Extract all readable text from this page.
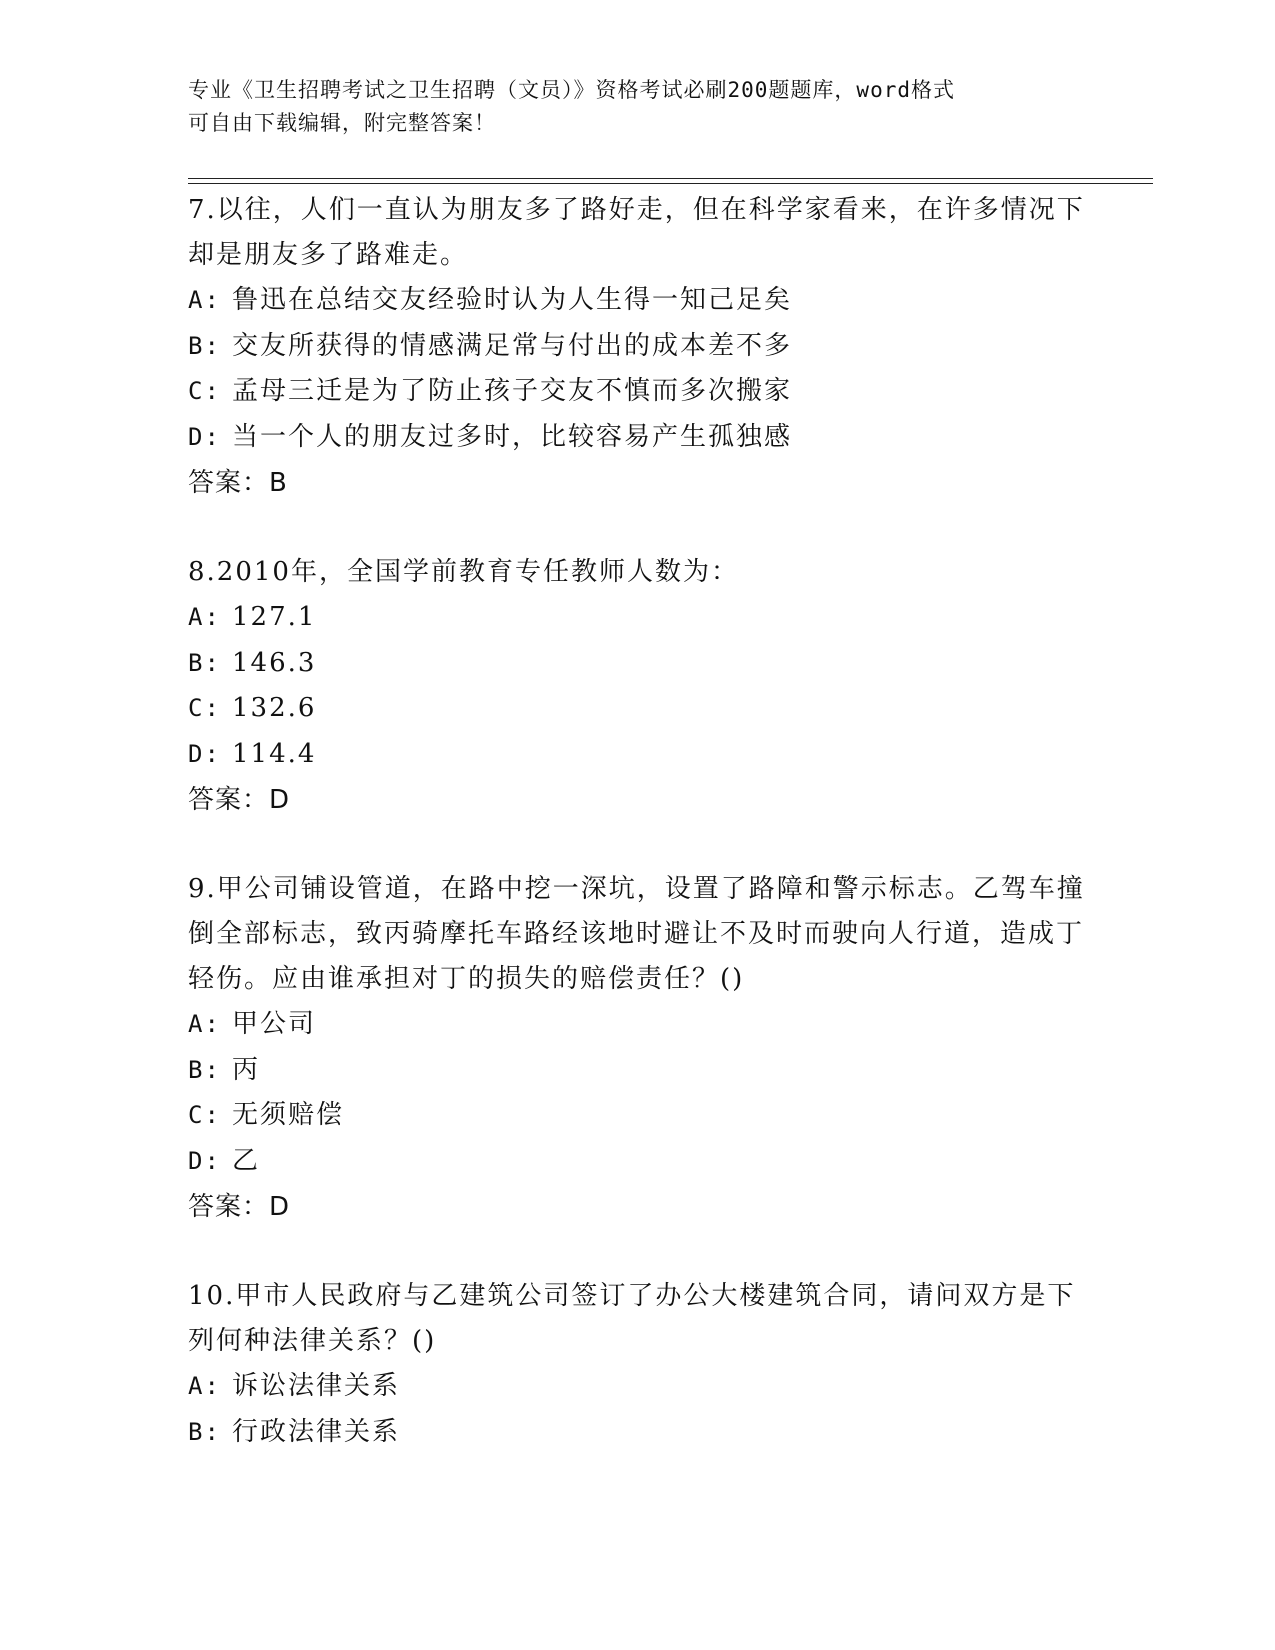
专业《卫生招聘考试之卫生招聘（文员）》资格考试必刷200题题库，word格式
可自由下载编辑，附完整答案！
7.以往，人们一直认为朋友多了路好走，但在科学家看来，在许多情况下却是朋友多了路难走。
A: 鲁迅在总结交友经验时认为人生得一知己足矣
B: 交友所获得的情感满足常与付出的成本差不多
C: 孟母三迁是为了防止孩子交友不慎而多次搬家
D: 当一个人的朋友过多时，比较容易产生孤独感
答案：B
8.2010年，全国学前教育专任教师人数为：
A: 127.1
B: 146.3
C: 132.6
D: 114.4
答案：D
9.甲公司铺设管道，在路中挖一深坑，设置了路障和警示标志。乙驾车撞倒全部标志，致丙骑摩托车路经该地时避让不及时而驶向人行道，造成丁轻伤。应由谁承担对丁的损失的赔偿责任？()
A: 甲公司
B: 丙
C: 无须赔偿
D: 乙
答案：D
10.甲市人民政府与乙建筑公司签订了办公大楼建筑合同，请问双方是下列何种法律关系？()
A: 诉讼法律关系
B: 行政法律关系
